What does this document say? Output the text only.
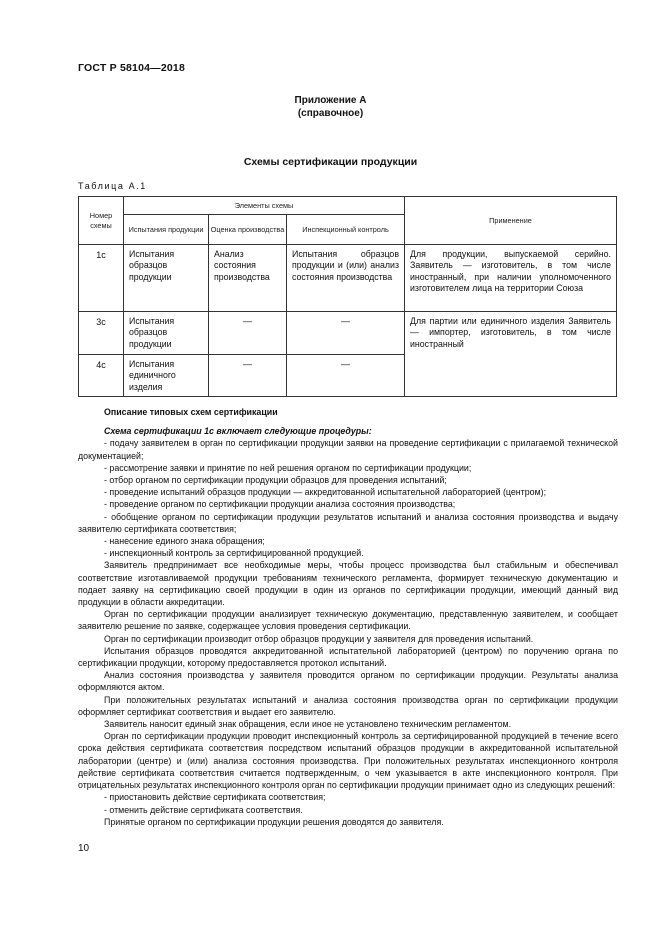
ГОСТ Р 58104—2018
Приложение А
(справочное)
Схемы сертификации продукции
Таблица А.1
Номер схемы	Элементы схемы			Применение
	Испытания продукции	Оценка производства	Инспекционный контроль	
1с	Испытания образцов продукции	Анализ состояния производства	Испытания образцов продукции и (или) анализ состояния производства	Для продукции, выпускаемой серийно. Заявитель — изготовитель, в том числе иностранный, при наличии уполномоченного изготовителем лица на территории Союза
3с	Испытания образцов продукции	—	—	Для партии или единичного изделия Заявитель — импортер, изготовитель, в том числе иностранный
4с	Испытания единичного изделия	—	—	

Описание типовых схем сертификации

Схема сертификации 1с включает следующие процедуры:

- подачу заявителем в орган по сертификации продукции заявки на проведение сертификации с прилагаемой технической документацией;

- рассмотрение заявки и принятие по ней решения органом по сертификации продукции;

- отбор органом по сертификации продукции образцов для проведения испытаний;

- проведение испытаний образцов продукции — аккредитованной испытательной лабораторией (центром);

- проведение органом по сертификации продукции анализа состояния производства;

- обобщение органом по сертификации продукции результатов испытаний и анализа состояния производства и выдачу заявителю сертификата соответствия;

- нанесение единого знака обращения;

- инспекционный контроль за сертифицированной продукцией.

Заявитель предпринимает все необходимые меры, чтобы процесс производства был стабильным и обеспечивал соответствие изготавливаемой продукции требованиям технического регламента, формирует техническую документацию и подает заявку на сертификацию своей продукции в один из органов по сертификации продукции, имеющий данный вид продукции в области аккредитации.

Орган по сертификации продукции анализирует техническую документацию, представленную заявителем, и сообщает заявителю решение по заявке, содержащее условия проведения сертификации.

Орган по сертификации производит отбор образцов продукции у заявителя для проведения испытаний.

Испытания образцов проводятся аккредитованной испытательной лабораторией (центром) по поручению органа по сертификации продукции, которому предоставляется протокол испытаний.

Анализ состояния производства у заявителя проводится органом по сертификации продукции. Результаты анализа оформляются актом.

При положительных результатах испытаний и анализа состояния производства орган по сертификации продукции оформляет сертификат соответствия и выдает его заявителю.

Заявитель наносит единый знак обращения, если иное не установлено техническим регламентом.

Орган по сертификации продукции проводит инспекционный контроль за сертифицированной продукцией в течение всего срока действия сертификата соответствия посредством испытаний образцов продукции в аккредитованной испытательной лаборатории (центре) и (или) анализа состояния производства. При положительных результатах инспекционного контроля действие сертификата соответствия считается подтвержденным, о чем указывается в акте инспекционного контроля. При отрицательных результатах инспекционного контроля орган по сертификации продукции принимает одно из следующих решений:

- приостановить действие сертификата соответствия;

- отменить действие сертификата соответствия.

Принятые органом по сертификации продукции решения доводятся до заявителя.

10
